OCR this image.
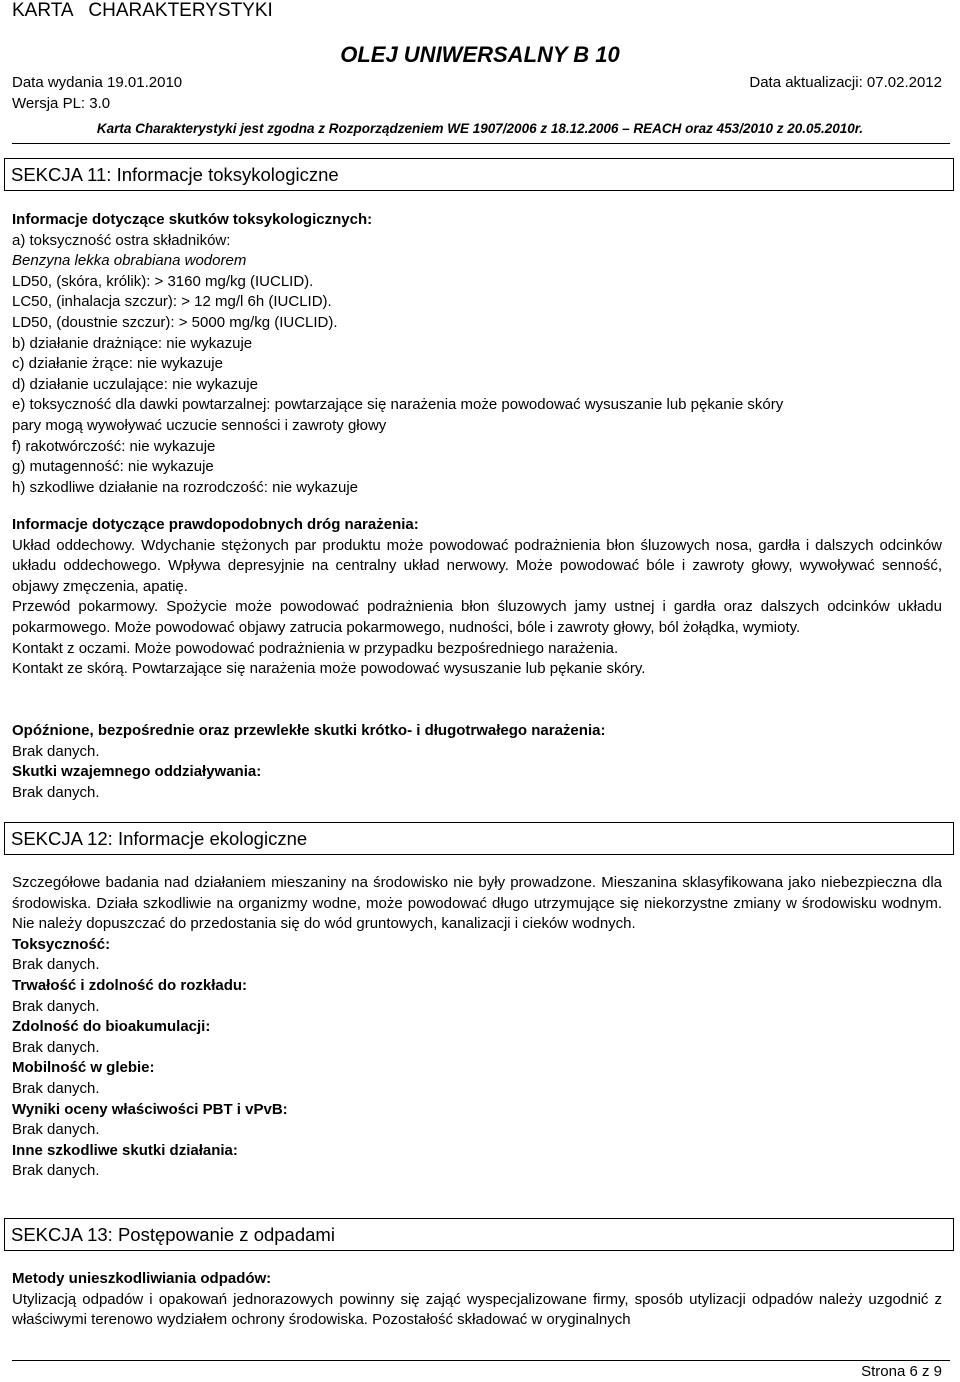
KARTA   CHARAKTERYSTYKI
OLEJ UNIWERSALNY B 10
Data wydania 19.01.2010	Data aktualizacji: 07.02.2012
Wersja PL: 3.0
Karta Charakterystyki jest zgodna z Rozporządzeniem WE 1907/2006 z 18.12.2006 – REACH oraz 453/2010 z 20.05.2010r.
SEKCJA 11: Informacje toksykologiczne
Informacje dotyczące skutków toksykologicznych:
a) toksyczność ostra składników:
Benzyna lekka obrabiana wodorem
LD50, (skóra, królik): > 3160 mg/kg (IUCLID).
LC50, (inhalacja szczur): > 12 mg/l 6h (IUCLID).
LD50, (doustnie szczur): > 5000 mg/kg (IUCLID).
b) działanie drażniące: nie wykazuje
c) działanie żrące: nie wykazuje
d) działanie uczulające: nie wykazuje
e) toksyczność dla dawki powtarzalnej: powtarzające się narażenia może powodować wysuszanie lub pękanie skóry
pary mogą wywoływać uczucie senności i zawroty głowy
f) rakotwórczość: nie wykazuje
g) mutagenność: nie wykazuje
h) szkodliwe działanie na rozrodczość: nie wykazuje
Informacje dotyczące prawdopodobnych dróg narażenia:
Układ oddechowy. Wdychanie stężonych par produktu może powodować podrażnienia błon śluzowych nosa, gardła i dalszych odcinków układu oddechowego. Wpływa depresyjnie na centralny układ nerwowy. Może powodować bóle i zawroty głowy, wywoływać senność, objawy zmęczenia, apatię.
Przewód pokarmowy. Spożycie może powodować podrażnienia błon śluzowych jamy ustnej i gardła oraz dalszych odcinków układu pokarmowego. Może powodować objawy zatrucia pokarmowego, nudności, bóle i zawroty głowy, ból żołądka, wymioty.
Kontakt z oczami. Może powodować podrażnienia w przypadku bezpośredniego narażenia.
Kontakt ze skórą. Powtarzające się narażenia może powodować wysuszanie lub pękanie skóry.
Opóźnione, bezpośrednie oraz przewlekłe skutki krótko- i długotrwałego narażenia:
Brak danych.
Skutki wzajemnego oddziaływania:
Brak danych.
SEKCJA 12: Informacje ekologiczne
Szczegółowe badania nad działaniem mieszaniny na środowisko nie były prowadzone. Mieszanina sklasyfikowana jako niebezpieczna dla środowiska. Działa szkodliwie na organizmy wodne, może powodować długo utrzymujące się niekorzystne zmiany w środowisku wodnym. Nie należy dopuszczać do przedostania się do wód gruntowych, kanalizacji i cieków wodnych.
Toksyczność:
Brak danych.
Trwałość i zdolność do rozkładu:
Brak danych.
Zdolność do bioakumulacji:
Brak danych.
Mobilność w glebie:
Brak danych.
Wyniki oceny właściwości PBT i vPvB:
Brak danych.
Inne szkodliwe skutki działania:
Brak danych.
SEKCJA 13: Postępowanie z odpadami
Metody unieszkodliwiania odpadów:
Utylizacją odpadów i opakowań jednorazowych powinny się zająć wyspecjalizowane firmy, sposób utylizacji odpadów należy uzgodnić z właściwymi terenowo wydziałem ochrony środowiska. Pozostałość składować w oryginalnych
Strona 6 z 9
